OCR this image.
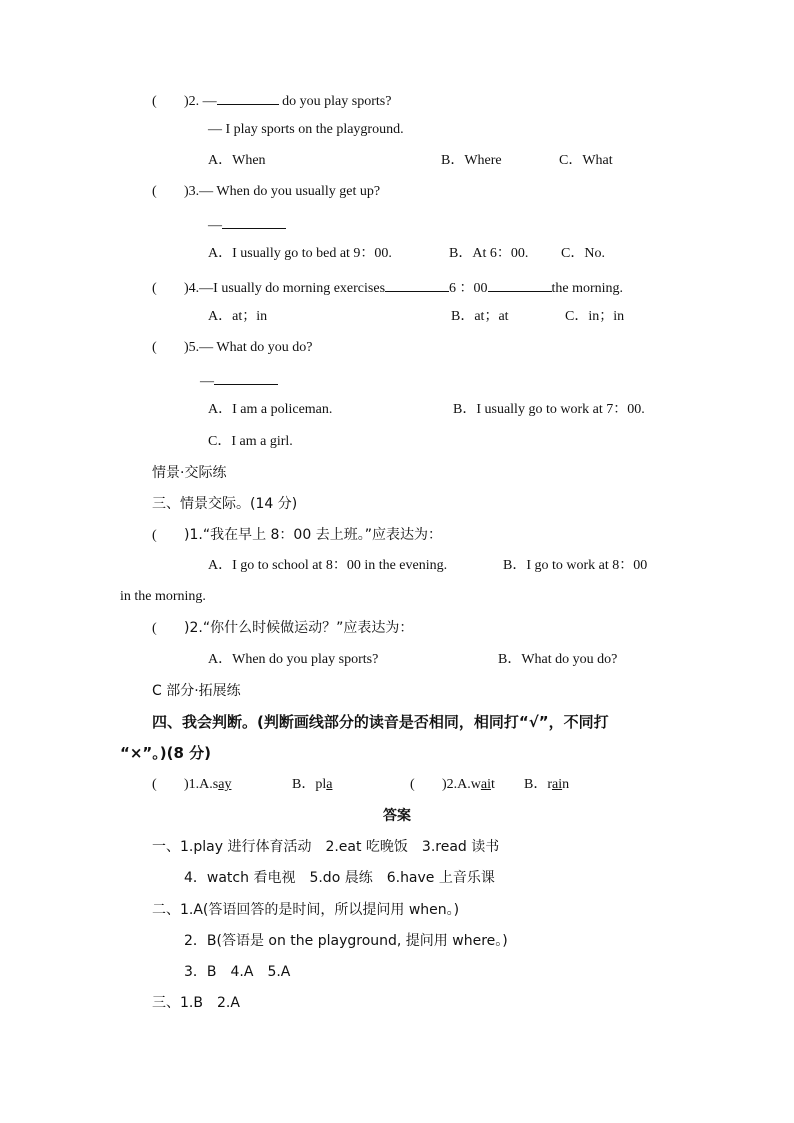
( )2. —	do you play sports?
— I play sports on the playground.
A．When	B．Where	C．What
( )3.— When do you usually get up?
—
A．I usually go to bed at 9：00.	B．At 6：00. C．No.
( )4.—I usually do morning exercises	6 ：00	the morning.
A．at；in	B．at；at	C．in；in
( )5.— What do you do?
—
A．I am a policeman.	B．I usually go to work at 7：00.
C．I am a girl.
情景·交际练
三、情景交际。(14 分)
( )1.“我在早上 8：00 去上班。”应表达为：
A．I go to school at 8：00 in the evening.	B．I go to work at 8：00
in the morning.
( )2.“你什么时候做运动？”应表达为：
A．When do you play sports?	B．What do you do?
C 部分·拓展练
四、我会判断。(判断画线部分的读音是否相同，相同打“√”，不同打
“×”。)(8 分)
( )1.A.say	B．pla	( )2.A.wait B．rain
答案
一、1.play 进行体育活动　2.eat 吃晚饭　3.read 读书
4．watch 看电视　5.do 晨练　6.have 上音乐课
二、1.A(答语回答的是时间，所以提问用 when。)
2．B(答语是 on the playground, 提问用 where。)
3．B　4.A　5.A
三、1.B　2.A
